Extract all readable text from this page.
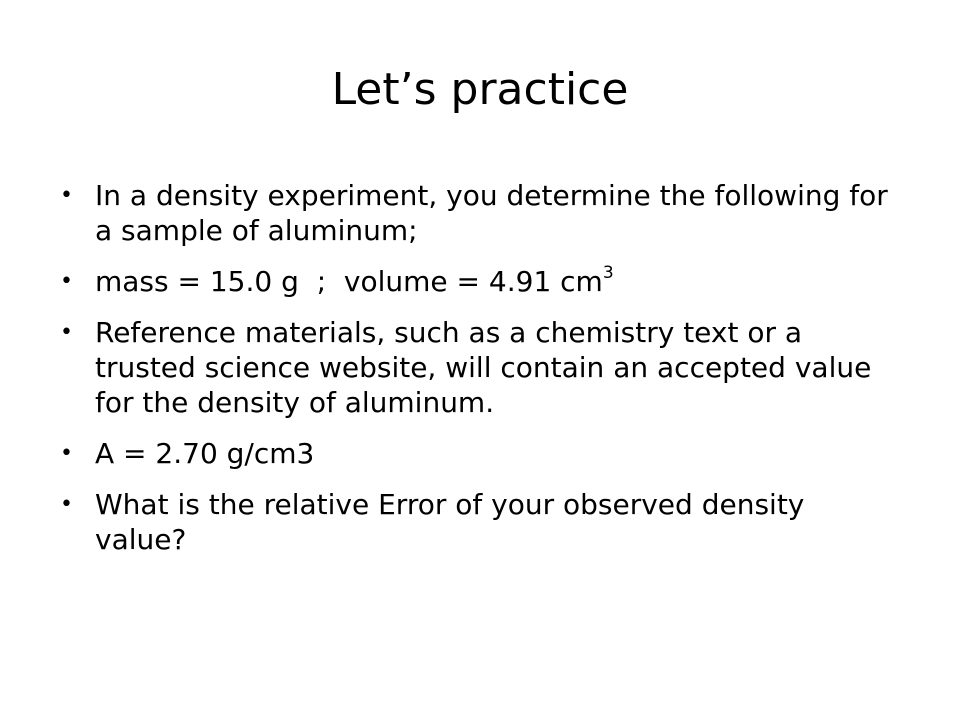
Let’s practice
• In a density experiment, you determine the following for a sample of aluminum;
• mass = 15.0 g  ;  volume = 4.91 $cm^3$
• Reference materials, such as a chemistry text or a trusted science website, will contain an accepted value for the density of aluminum.
• A = 2.70 g/cm3
• What is the relative Error of your observed density value?
